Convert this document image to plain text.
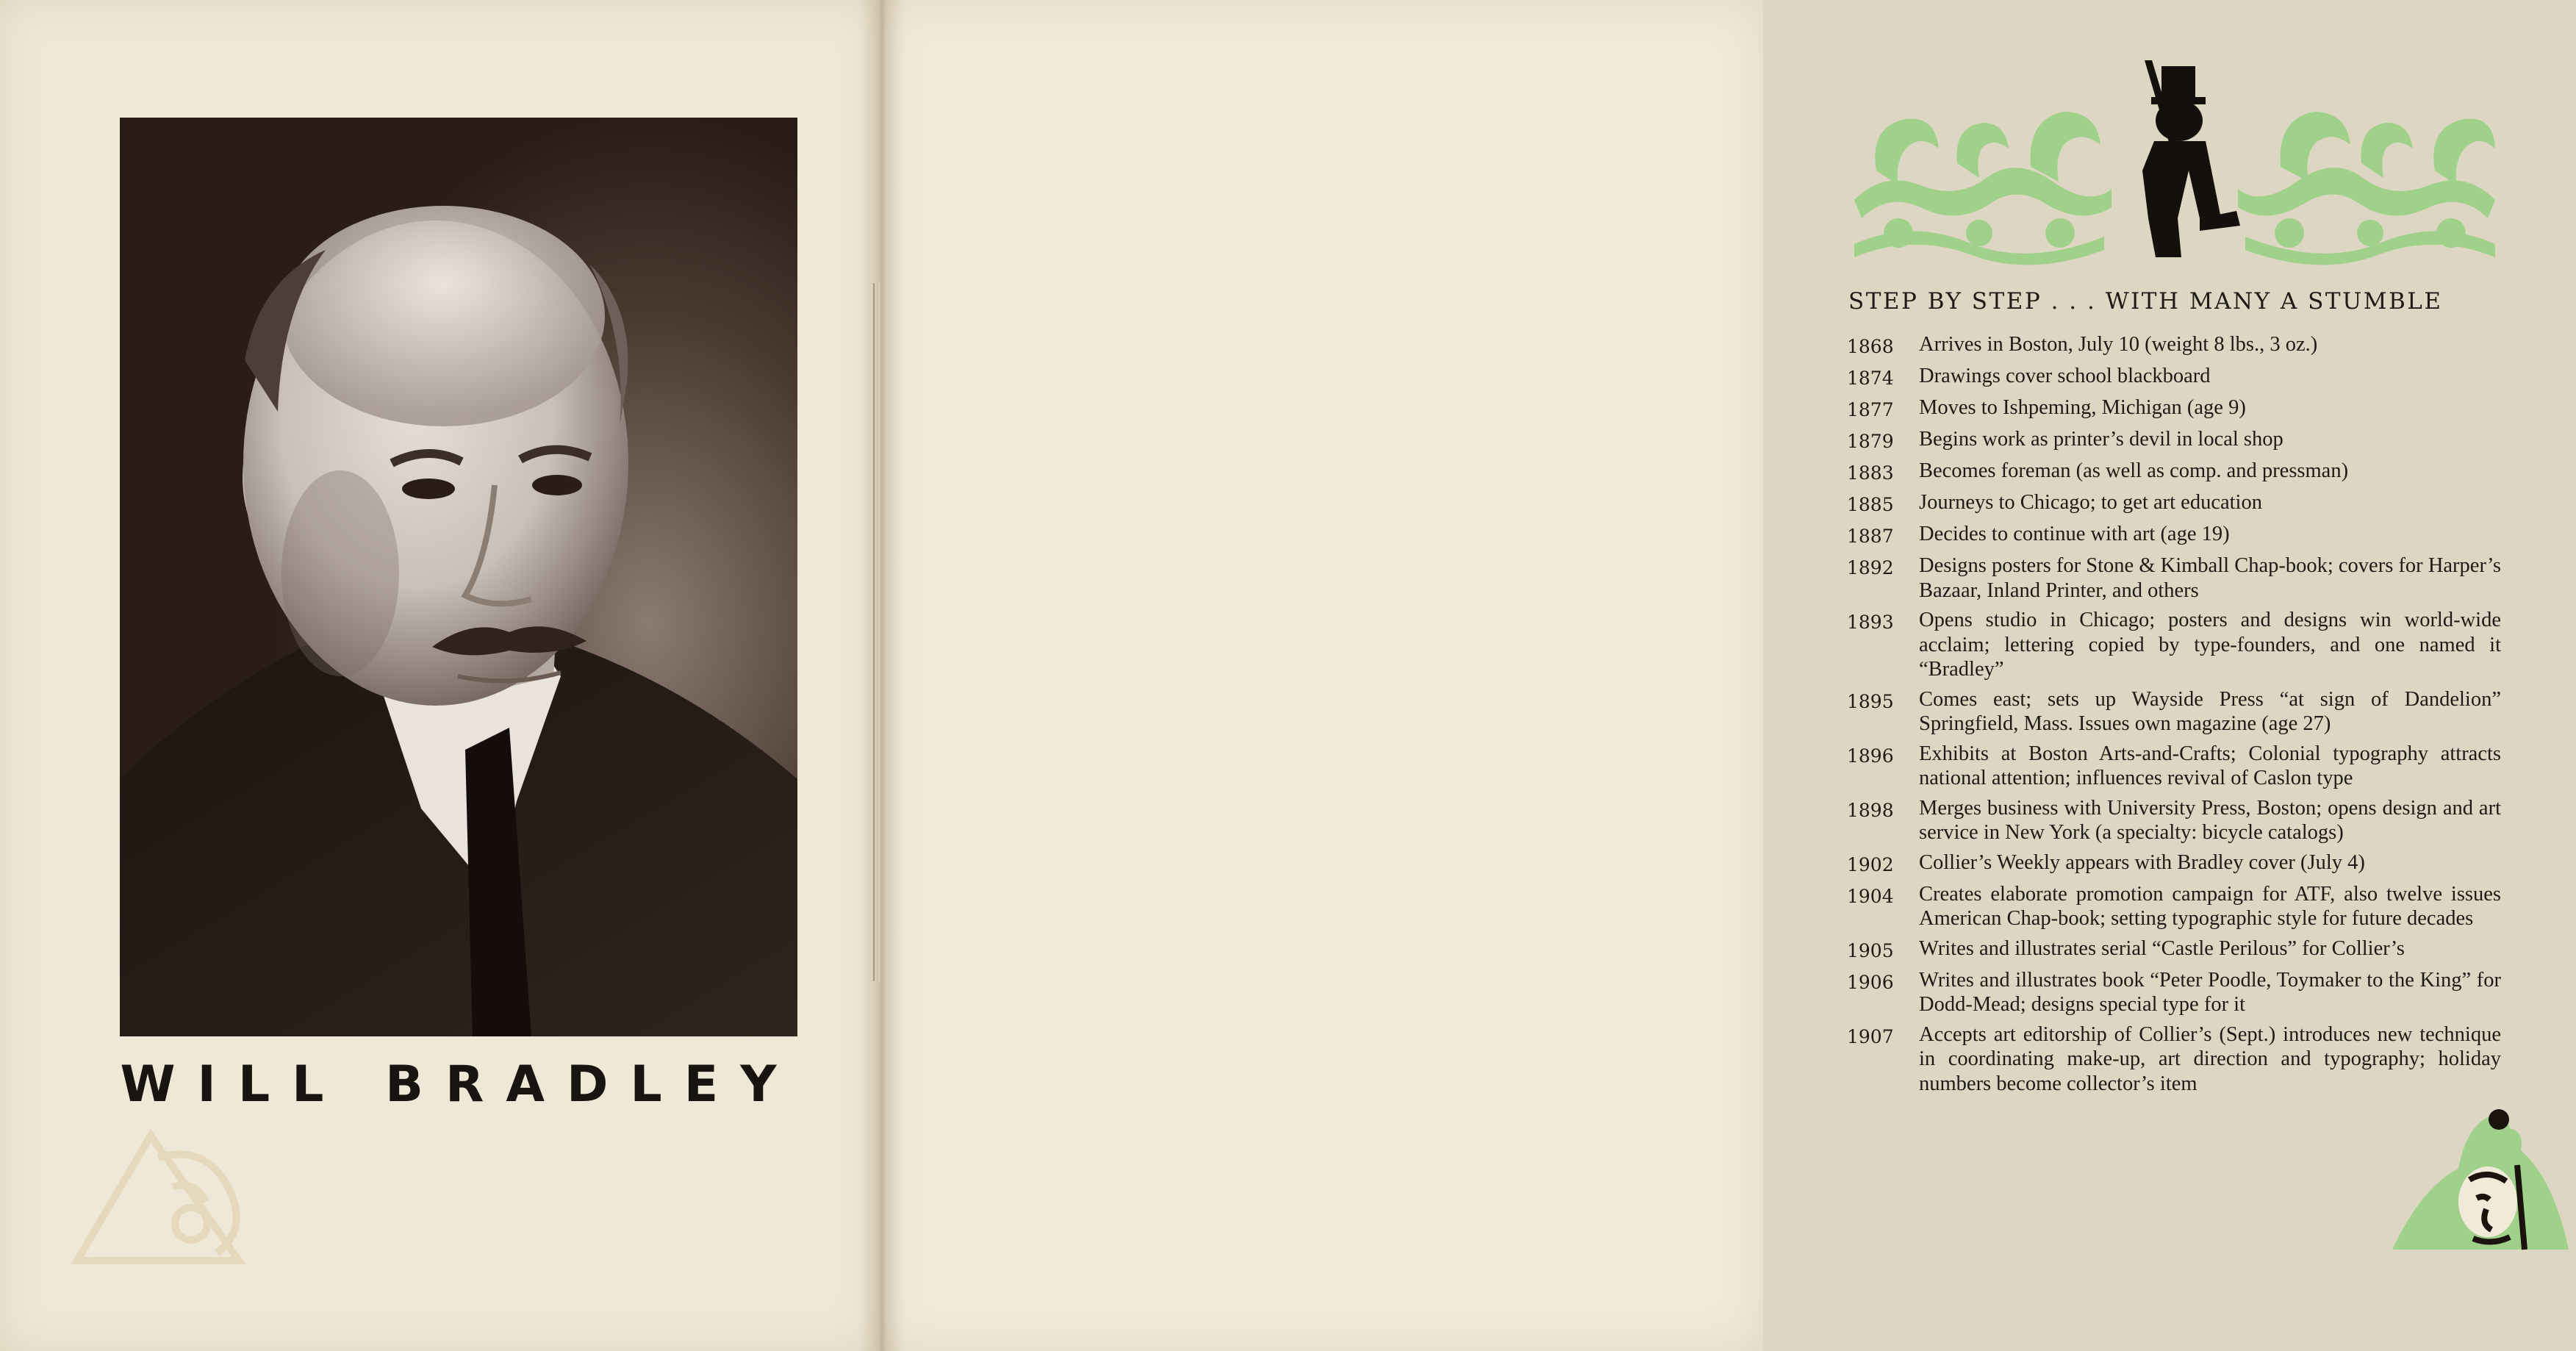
WILL BRADLEY
STEP BY STEP . . . WITH MANY A STUMBLE
1868	Arrives in Boston, July 10 (weight 8 lbs., 3 oz.)
1874	Drawings cover school blackboard
1877	Moves to Ishpeming, Michigan (age 9)
1879	Begins work as printer’s devil in local shop
1883	Becomes foreman (as well as comp. and pressman)
1885	Journeys to Chicago; to get art education
1887	Decides to continue with art (age 19)
1892	Designs posters for Stone & Kimball Chap-book; covers for Harper’s Bazaar, Inland Printer, and others
1893	Opens studio in Chicago; posters and designs win world-wide acclaim; lettering copied by type-founders, and one named it “Bradley”
1895	Comes east; sets up Wayside Press “at sign of Dandelion” Springfield, Mass. Issues own magazine (age 27)
1896	Exhibits at Boston Arts-and-Crafts; Colonial typography attracts national attention; influences revival of Caslon type
1898	Merges business with University Press, Boston; opens design and art service in New York (a specialty: bicycle catalogs)
1902	Collier’s Weekly appears with Bradley cover (July 4)
1904	Creates elaborate promotion campaign for ATF, also twelve issues American Chap-book; setting typographic style for future decades
1905	Writes and illustrates serial “Castle Perilous” for Collier’s
1906	Writes and illustrates book “Peter Poodle, Toymaker to the King” for Dodd-Mead; designs special type for it
1907	Accepts art editorship of Collier’s (Sept.) introduces new technique in coordinating make-up, art direction and typography; holiday numbers become collector’s item
